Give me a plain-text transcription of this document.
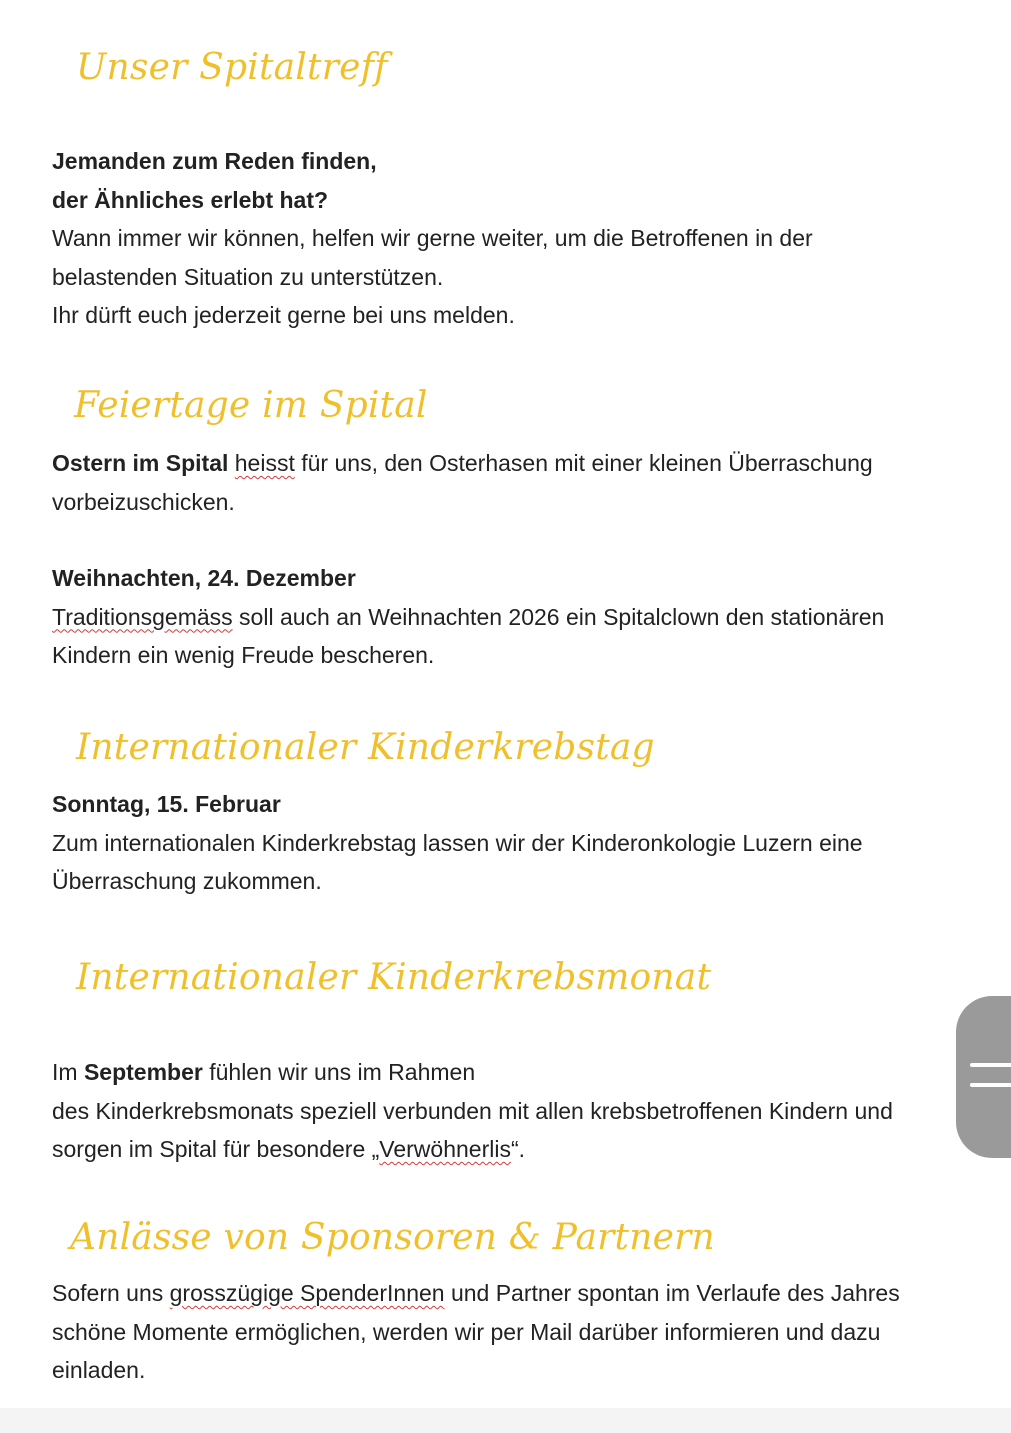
Unser Spitaltreff
Jemanden zum Reden finden,
der Ähnliches erlebt hat?
Wann immer wir können, helfen wir gerne weiter, um die Betroffenen in der
belastenden Situation zu unterstützen.
Ihr dürft euch jederzeit gerne bei uns melden.
Feiertage im Spital
Ostern im Spital heisst für uns, den Osterhasen mit einer kleinen Überraschung
vorbeizuschicken.
Weihnachten, 24. Dezember
Traditionsgemäss soll auch an Weihnachten 2026 ein Spitalclown den stationären
Kindern ein wenig Freude bescheren.
Internationaler Kinderkrebstag
Sonntag, 15. Februar
Zum internationalen Kinderkrebstag lassen wir der Kinderonkologie Luzern eine
Überraschung zukommen.
Internationaler Kinderkrebsmonat
Im September fühlen wir uns im Rahmen
des Kinderkrebsmonats speziell verbunden mit allen krebsbetroffenen Kindern und
sorgen im Spital für besondere „Verwöhnerlis“.
Anlässe von Sponsoren & Partnern
Sofern uns grosszügige SpenderInnen und Partner spontan im Verlaufe des Jahres
schöne Momente ermöglichen, werden wir per Mail darüber informieren und dazu
einladen.
